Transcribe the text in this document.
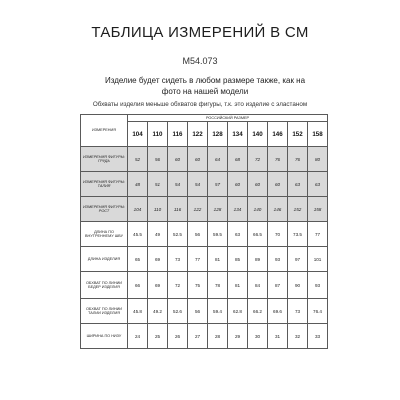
ТАБЛИЦА ИЗМЕРЕНИЙ В СМ
М54.073
Изделие будет сидеть в любом размере также, как на фото на нашей модели
Обхваты изделия меньше обхватов фигуры, т.к. это изделие с эластаном
ИЗМЕРЕНИЯ	РОССИЙСКИЙ РАЗМЕР									
	104	110	116	122	128	134	140	146	152	158
ИЗМЕРЕНИЯ ФИГУРЫ: ГРУДЬ	52	56	60	60	64	68	72	76	76	80
ИЗМЕРЕНИЯ ФИГУРЫ: ТАЛИЯ	48	51	54	54	57	60	60	60	63	63
ИЗМЕРЕНИЯ ФИГУРЫ: РОСТ	104	110	116	122	128	134	140	146	152	158
ДЛИНА ПО ВНУТРЕННЕМУ ШВУ	45.5	49	52.5	56	59.5	63	66.5	70	73.5	77
ДЛИНА ИЗДЕЛИЯ	65	69	73	77	81	85	89	93	97	101
ОБХВАТ ПО ЛИНИИ БЕДЕР ИЗДЕЛИЯ	66	69	72	75	78	81	84	87	90	93
ОБХВАТ ПО ЛИНИИ ТАЛИИ ИЗДЕЛИЯ	45.8	49.2	52.6	56	59.4	62.8	66.2	69.6	73	76.4
ШИРИНА ПО НИЗУ	24	25	26	27	28	29	30	31	32	33
